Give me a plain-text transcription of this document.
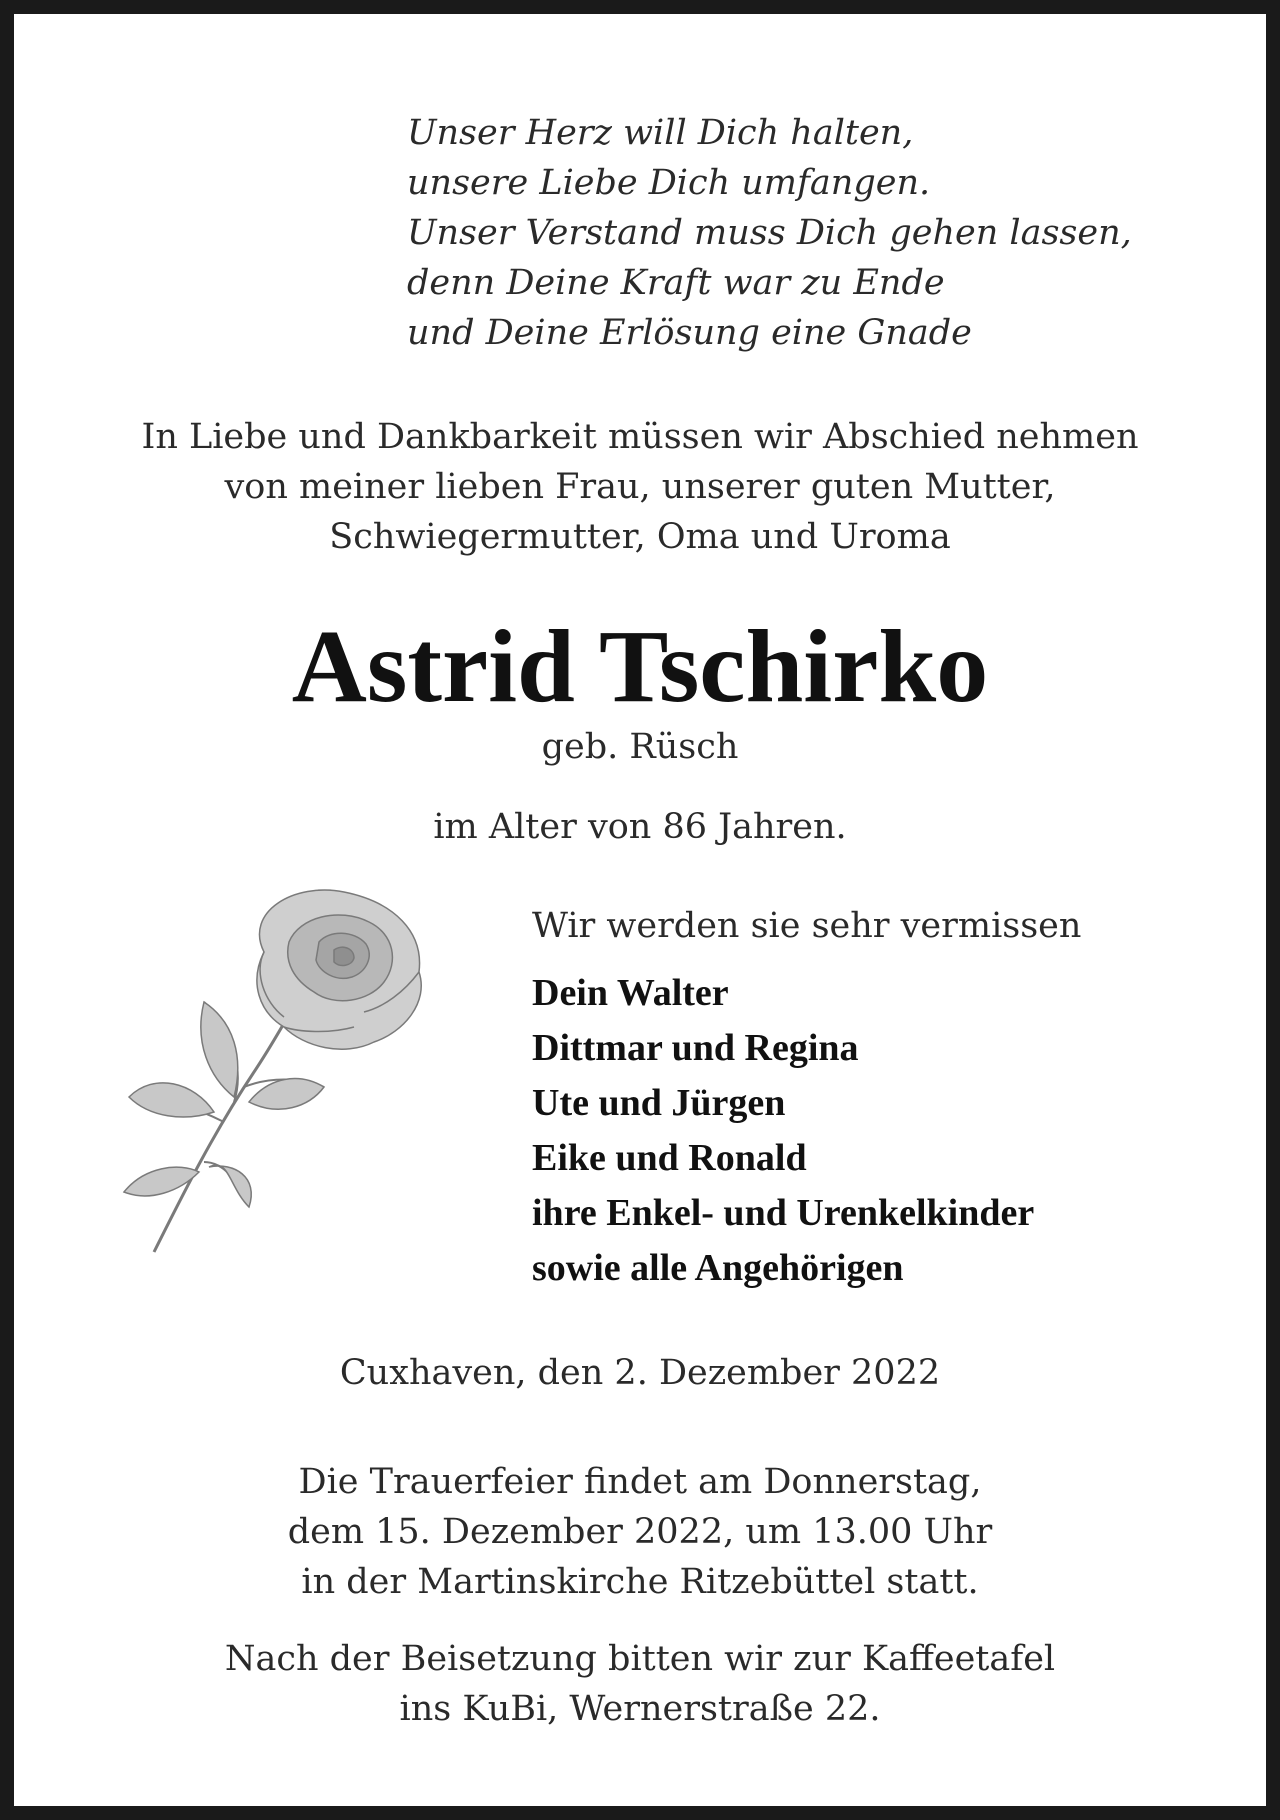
Unser Herz will Dich halten,
unsere Liebe Dich umfangen.
Unser Verstand muss Dich gehen lassen,
denn Deine Kraft war zu Ende
und Deine Erlösung eine Gnade
In Liebe und Dankbarkeit müssen wir Abschied nehmen
von meiner lieben Frau, unserer guten Mutter,
Schwiegermutter, Oma und Uroma
Astrid Tschirko
geb. Rüsch
im Alter von 86 Jahren.
Wir werden sie sehr vermissen
Dein Walter
Dittmar und Regina
Ute und Jürgen
Eike und Ronald
ihre Enkel- und Urenkelkinder
sowie alle Angehörigen
Cuxhaven, den 2. Dezember 2022
Die Trauerfeier findet am Donnerstag,
dem 15. Dezember 2022, um 13.00 Uhr
in der Martinskirche Ritzebüttel statt.
Nach der Beisetzung bitten wir zur Kaffeetafel
ins KuBi, Wernerstraße 22.
